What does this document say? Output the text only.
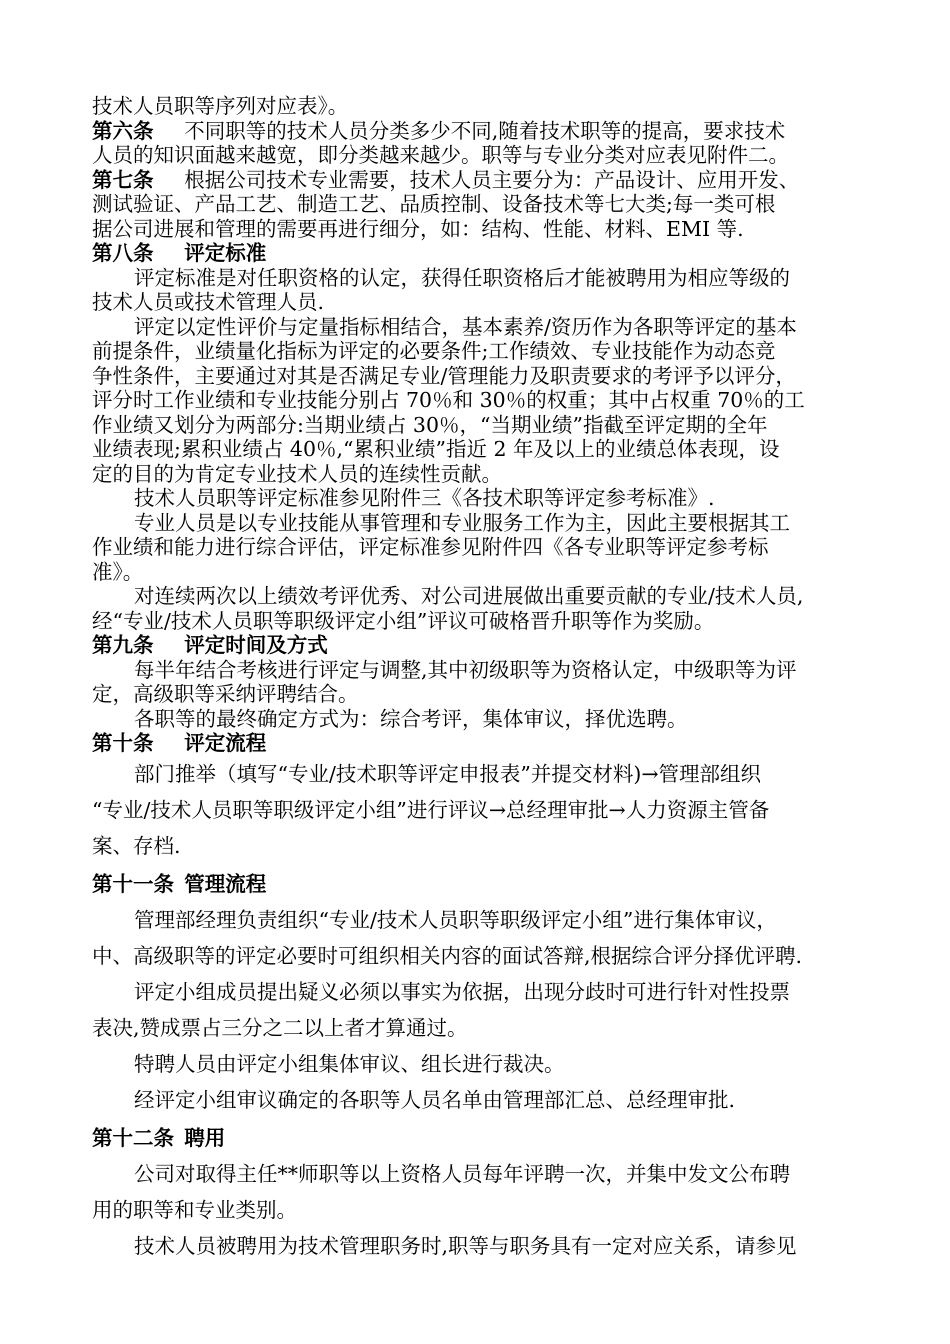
技术人员职等序列对应表》。

第六条 不同职等的技术人员分类多少不同,随着技术职等的提高，要求技术

人员的知识面越来越宽，即分类越来越少。职等与专业分类对应表见附件二。

第七条 根据公司技术专业需要，技术人员主要分为：产品设计、应用开发、

测试验证、产品工艺、制造工艺、品质控制、设备技术等七大类;每一类可根

据公司进展和管理的需要再进行细分，如：结构、性能、材料、EMI 等.

第八条 评定标准

评定标准是对任职资格的认定，获得任职资格后才能被聘用为相应等级的

技术人员或技术管理人员.

评定以定性评价与定量指标相结合，基本素养/资历作为各职等评定的基本

前提条件，业绩量化指标为评定的必要条件;工作绩效、专业技能作为动态竞

争性条件，主要通过对其是否满足专业/管理能力及职责要求的考评予以评分，

评分时工作业绩和专业技能分别占 70％和 30％的权重；其中占权重 70％的工

作业绩又划分为两部分:当期业绩占 30％，“当期业绩”指截至评定期的全年

业绩表现;累积业绩占 40％,“累积业绩”指近 2 年及以上的业绩总体表现，设

定的目的为肯定专业技术人员的连续性贡献。

技术人员职等评定标准参见附件三《各技术职等评定参考标准》.

专业人员是以专业技能从事管理和专业服务工作为主，因此主要根据其工

作业绩和能力进行综合评估，评定标准参见附件四《各专业职等评定参考标

准》。

对连续两次以上绩效考评优秀、对公司进展做出重要贡献的专业/技术人员,

经“专业/技术人员职等职级评定小组”评议可破格晋升职等作为奖励。

第九条 评定时间及方式

每半年结合考核进行评定与调整,其中初级职等为资格认定，中级职等为评

定，高级职等采纳评聘结合。

各职等的最终确定方式为：综合考评，集体审议，择优选聘。

第十条 评定流程

部门推举（填写“专业/技术职等评定申报表”并提交材料)→管理部组织

“专业/技术人员职等职级评定小组”进行评议→总经理审批→人力资源主管备

案、存档.

第十一条 管理流程

管理部经理负责组织“专业/技术人员职等职级评定小组”进行集体审议，

中、高级职等的评定必要时可组织相关内容的面试答辩,根据综合评分择优评聘.

评定小组成员提出疑义必须以事实为依据，出现分歧时可进行针对性投票

表决,赞成票占三分之二以上者才算通过。

特聘人员由评定小组集体审议、组长进行裁决。

经评定小组审议确定的各职等人员名单由管理部汇总、总经理审批.

第十二条 聘用

公司对取得主任**师职等以上资格人员每年评聘一次，并集中发文公布聘

用的职等和专业类别。

技术人员被聘用为技术管理职务时,职等与职务具有一定对应关系，请参见
